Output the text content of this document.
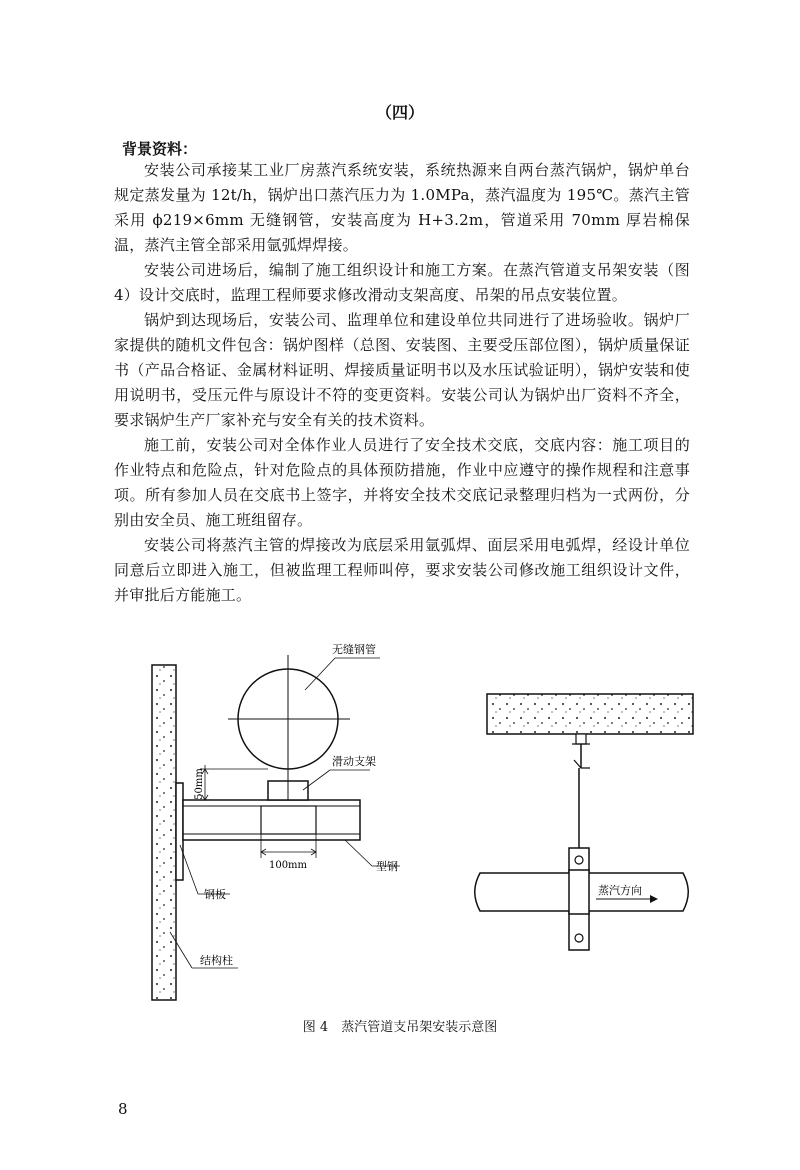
（四）
背景资料：

安装公司承接某工业厂房蒸汽系统安装，系统热源来自两台蒸汽锅炉，锅炉单台规定蒸发量为 12t/h，锅炉出口蒸汽压力为 1.0MPa，蒸汽温度为 195℃。蒸汽主管采用 ϕ219×6mm 无缝钢管，安装高度为 H+3.2m，管道采用 70mm 厚岩棉保温，蒸汽主管全部采用氩弧焊焊接。

安装公司进场后，编制了施工组织设计和施工方案。在蒸汽管道支吊架安装（图 4）设计交底时，监理工程师要求修改滑动支架高度、吊架的吊点安装位置。

锅炉到达现场后，安装公司、监理单位和建设单位共同进行了进场验收。锅炉厂家提供的随机文件包含：锅炉图样（总图、安装图、主要受压部位图），锅炉质量保证书（产品合格证、金属材料证明、焊接质量证明书以及水压试验证明），锅炉安装和使用说明书，受压元件与原设计不符的变更资料。安装公司认为锅炉出厂资料不齐全，要求锅炉生产厂家补充与安全有关的技术资料。

施工前，安装公司对全体作业人员进行了安全技术交底，交底内容：施工项目的作业特点和危险点，针对危险点的具体预防措施，作业中应遵守的操作规程和注意事项。所有参加人员在交底书上签字，并将安全技术交底记录整理归档为一式两份，分别由安全员、施工班组留存。

安装公司将蒸汽主管的焊接改为底层采用氩弧焊、面层采用电弧焊，经设计单位同意后立即进入施工，但被监理工程师叫停，要求安装公司修改施工组织设计文件，并审批后方能施工。

50mm
100mm
无缝钢管
滑动支架
型钢
钢板
结构柱
蒸汽方向
图 4　蒸汽管道支吊架安装示意图
8
